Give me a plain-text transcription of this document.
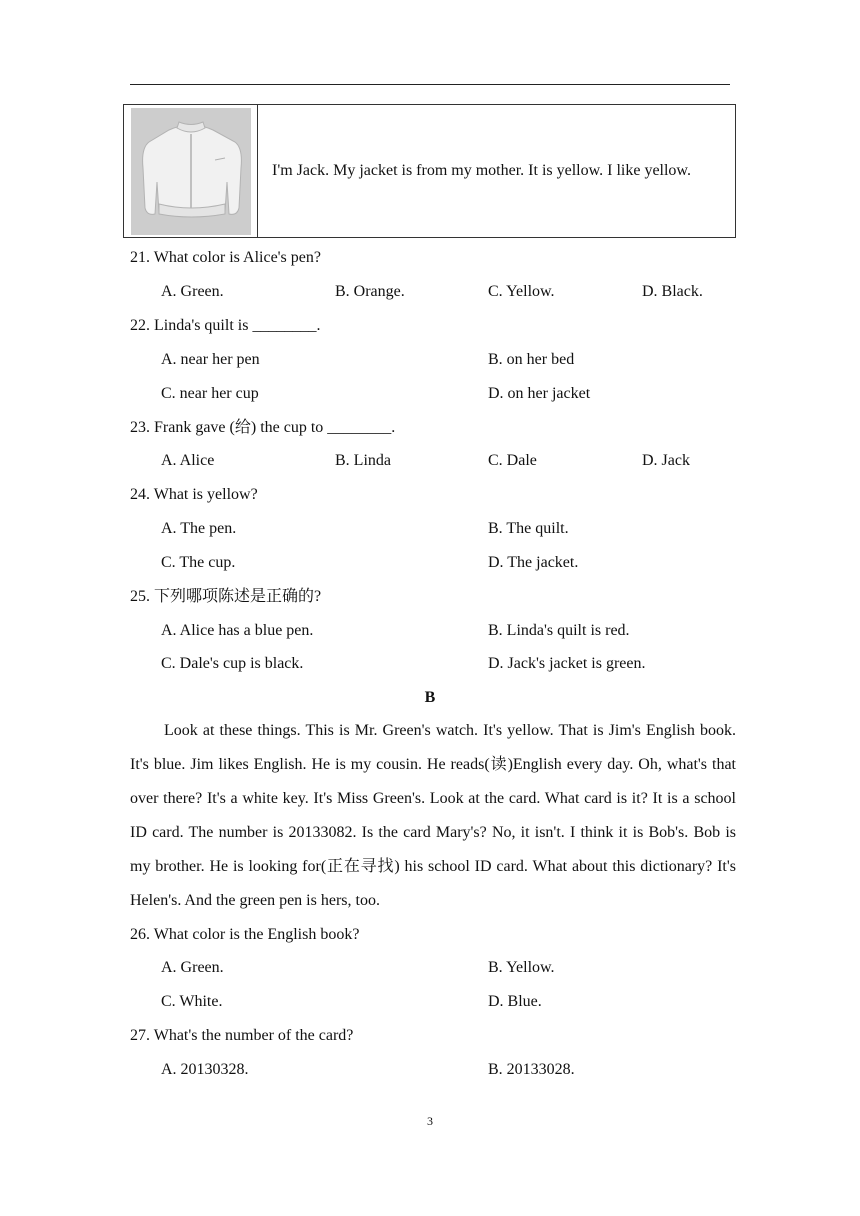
I'm Jack. My jacket is from my mother. It is yellow. I like yellow.
21. What color is Alice's pen?
A. Green.	B. Orange.	C. Yellow.	D. Black.
22. Linda's quilt is ________.
A. near her pen	B. on her bed
C. near her cup	D. on her jacket
23. Frank gave (给) the cup to ________.
A. Alice	B. Linda	C. Dale	D. Jack
24. What is yellow?
A. The pen.	B. The quilt.
C. The cup.	D. The jacket.
25. 下列哪项陈述是正确的?
A. Alice has a blue pen.	B. Linda's quilt is red.
C. Dale's cup is black.	D. Jack's jacket is green.
B
Look at these things. This is Mr. Green's watch. It's yellow. That is Jim's English book. It's blue. Jim likes English. He is my cousin. He reads(读)English every day. Oh, what's that over there? It's a white key. It's Miss Green's. Look at the card. What card is it? It is a school ID card. The number is 20133082. Is the card Mary's? No, it isn't. I think it is Bob's. Bob is my brother. He is looking for(正在寻找) his school ID card. What about this dictionary? It's Helen's. And the green pen is hers, too.
26. What color is the English book?
A. Green.	B. Yellow.
C. White.	D. Blue.
27. What's the number of the card?
A. 20130328.	B. 20133028.
3
